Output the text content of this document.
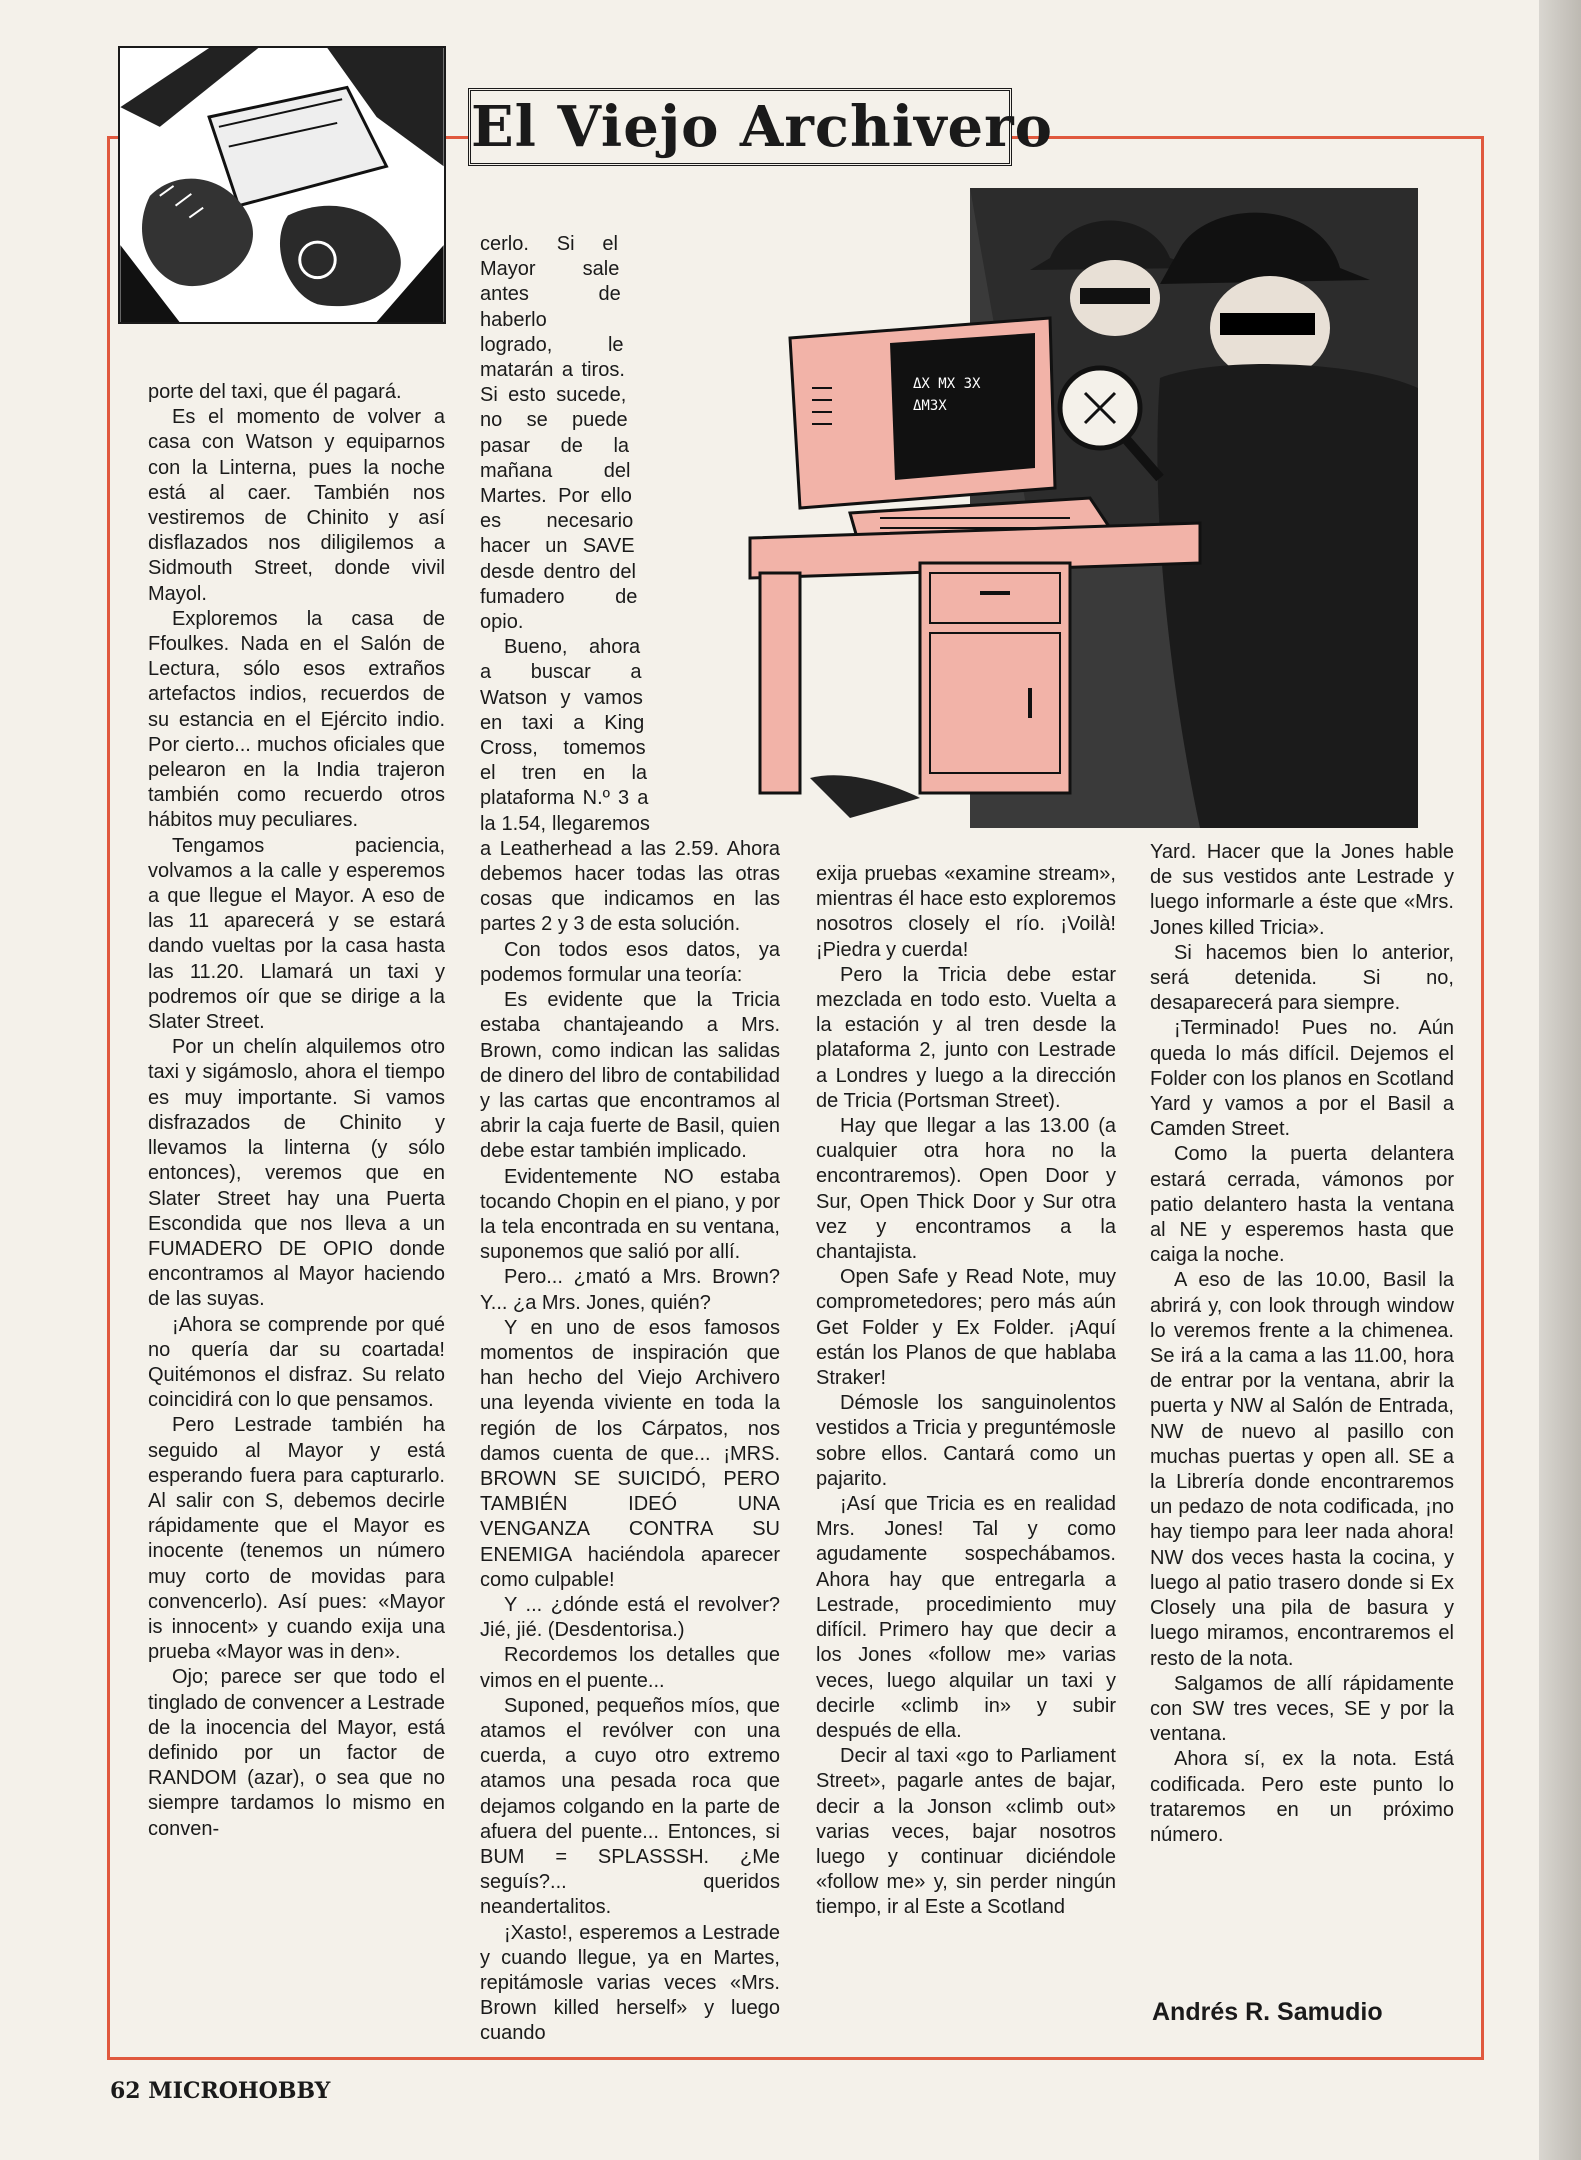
El Viejo Archivero
ΔX MX 3X
ΔM3X

porte del taxi, que él pagará.

Es el momento de volver a casa con Watson y equiparnos con la Linterna, pues la noche está al caer. También nos vestiremos de Chinito y así disflazados nos diligilemos a Sidmouth Street, donde vivil Mayol.

Exploremos la casa de Ffoulkes. Nada en el Salón de Lectura, sólo esos extraños artefactos indios, recuerdos de su estancia en el Ejército indio. Por cierto... muchos oficiales que pelearon en la India trajeron también como recuerdo otros hábitos muy peculiares.

Tengamos paciencia, volvamos a la calle y esperemos a que llegue el Mayor. A eso de las 11 aparecerá y se estará dando vueltas por la casa hasta las 11.20. Llamará un taxi y podremos oír que se dirige a la Slater Street.

Por un chelín alquilemos otro taxi y sigámoslo, ahora el tiempo es muy importante. Si vamos disfrazados de Chinito y llevamos la linterna (y sólo entonces), veremos que en Slater Street hay una Puerta Escondida que nos lleva a un FUMADERO DE OPIO donde encontramos al Mayor haciendo de las suyas.

¡Ahora se comprende por qué no quería dar su coartada! Quitémonos el disfraz. Su relato coincidirá con lo que pensamos.

Pero Lestrade también ha seguido al Mayor y está esperando fuera para capturarlo. Al salir con S, debemos decirle rápidamente que el Mayor es inocente (tenemos un número muy corto de movidas para convencerlo). Así pues: «Mayor is innocent» y cuando exija una prueba «Mayor was in den».

Ojo; parece ser que todo el tinglado de convencer a Lestrade de la inocencia del Mayor, está definido por un factor de RANDOM (azar), o sea que no siempre tardamos lo mismo en conven-

cerlo. Si el Mayor sale antes de haberlo logrado, le matarán a tiros. Si esto sucede, no se puede pasar de la mañana del Martes. Por ello es necesario hacer un SAVE desde dentro del fumadero de opio.

Bueno, ahora a buscar a Watson y vamos en taxi a King Cross, tomemos el tren en la plataforma N.º 3 a la 1.54, llegaremos a Leatherhead a las 2.59. Ahora debemos hacer todas las otras cosas que indicamos en las partes 2 y 3 de esta solución.

Con todos esos datos, ya podemos formular una teoría:

Es evidente que la Tricia estaba chantajeando a Mrs. Brown, como indican las salidas de dinero del libro de contabilidad y las cartas que encontramos al abrir la caja fuerte de Basil, quien debe estar también implicado.

Evidentemente NO estaba tocando Chopin en el piano, y por la tela encontrada en su ventana, suponemos que salió por allí.

Pero... ¿mató a Mrs. Brown? Y... ¿a Mrs. Jones, quién?

Y en uno de esos famosos momentos de inspiración que han hecho del Viejo Archivero una leyenda viviente en toda la región de los Cárpatos, nos damos cuenta de que... ¡MRS. BROWN SE SUICIDÓ, PERO TAMBIÉN IDEÓ UNA VENGANZA CONTRA SU ENEMIGA haciéndola aparecer como culpable!

Y ... ¿dónde está el revolver? Jié, jié. (Desdentorisa.)

Recordemos los detalles que vimos en el puente...

Suponed, pequeños míos, que atamos el revólver con una cuerda, a cuyo otro extremo atamos una pesada roca que dejamos colgando en la parte de afuera del puente... Entonces, si BUM = SPLASSSH. ¿Me seguís?... queridos neandertalitos.

¡Xasto!, esperemos a Lestrade y cuando llegue, ya en Martes, repitámosle varias veces «Mrs. Brown killed herself» y luego cuando

exija pruebas «examine stream», mientras él hace esto exploremos nosotros closely el río. ¡Voilà! ¡Piedra y cuerda!

Pero la Tricia debe estar mezclada en todo esto. Vuelta a la estación y al tren desde la plataforma 2, junto con Lestrade a Londres y luego a la dirección de Tricia (Portsman Street).

Hay que llegar a las 13.00 (a cualquier otra hora no la encontraremos). Open Door y Sur, Open Thick Door y Sur otra vez y encontramos a la chantajista.

Open Safe y Read Note, muy comprometedores; pero más aún Get Folder y Ex Folder. ¡Aquí están los Planos de que hablaba Straker!

Démosle los sanguinolentos vestidos a Tricia y preguntémosle sobre ellos. Cantará como un pajarito.

¡Así que Tricia es en realidad Mrs. Jones! Tal y como agudamente sospechábamos. Ahora hay que entregarla a Lestrade, procedimiento muy difícil. Primero hay que decir a los Jones «follow me» varias veces, luego alquilar un taxi y decirle «climb in» y subir después de ella.

Decir al taxi «go to Parliament Street», pagarle antes de bajar, decir a la Jonson «climb out» varias veces, bajar nosotros luego y continuar diciéndole «follow me» y, sin perder ningún tiempo, ir al Este a Scotland

Yard. Hacer que la Jones hable de sus vestidos ante Lestrade y luego informarle a éste que «Mrs. Jones killed Tricia».

Si hacemos bien lo anterior, será detenida. Si no, desaparecerá para siempre.

¡Terminado! Pues no. Aún queda lo más difícil. Dejemos el Folder con los planos en Scotland Yard y vamos a por el Basil a Camden Street.

Como la puerta delantera estará cerrada, vámonos por patio delantero hasta la ventana al NE y esperemos hasta que caiga la noche.

A eso de las 10.00, Basil la abrirá y, con look through window lo veremos frente a la chimenea. Se irá a la cama a las 11.00, hora de entrar por la ventana, abrir la puerta y NW al Salón de Entrada, NW de nuevo al pasillo con muchas puertas y open all. SE a la Librería donde encontraremos un pedazo de nota codificada, ¡no hay tiempo para leer nada ahora! NW dos veces hasta la cocina, y luego al patio trasero donde si Ex Closely una pila de basura y luego miramos, encontraremos el resto de la nota.

Salgamos de allí rápidamente con SW tres veces, SE y por la ventana.

Ahora sí, ex la nota. Está codificada. Pero este punto lo trataremos en un próximo número.

Andrés R. Samudio
62 MICROHOBBY
